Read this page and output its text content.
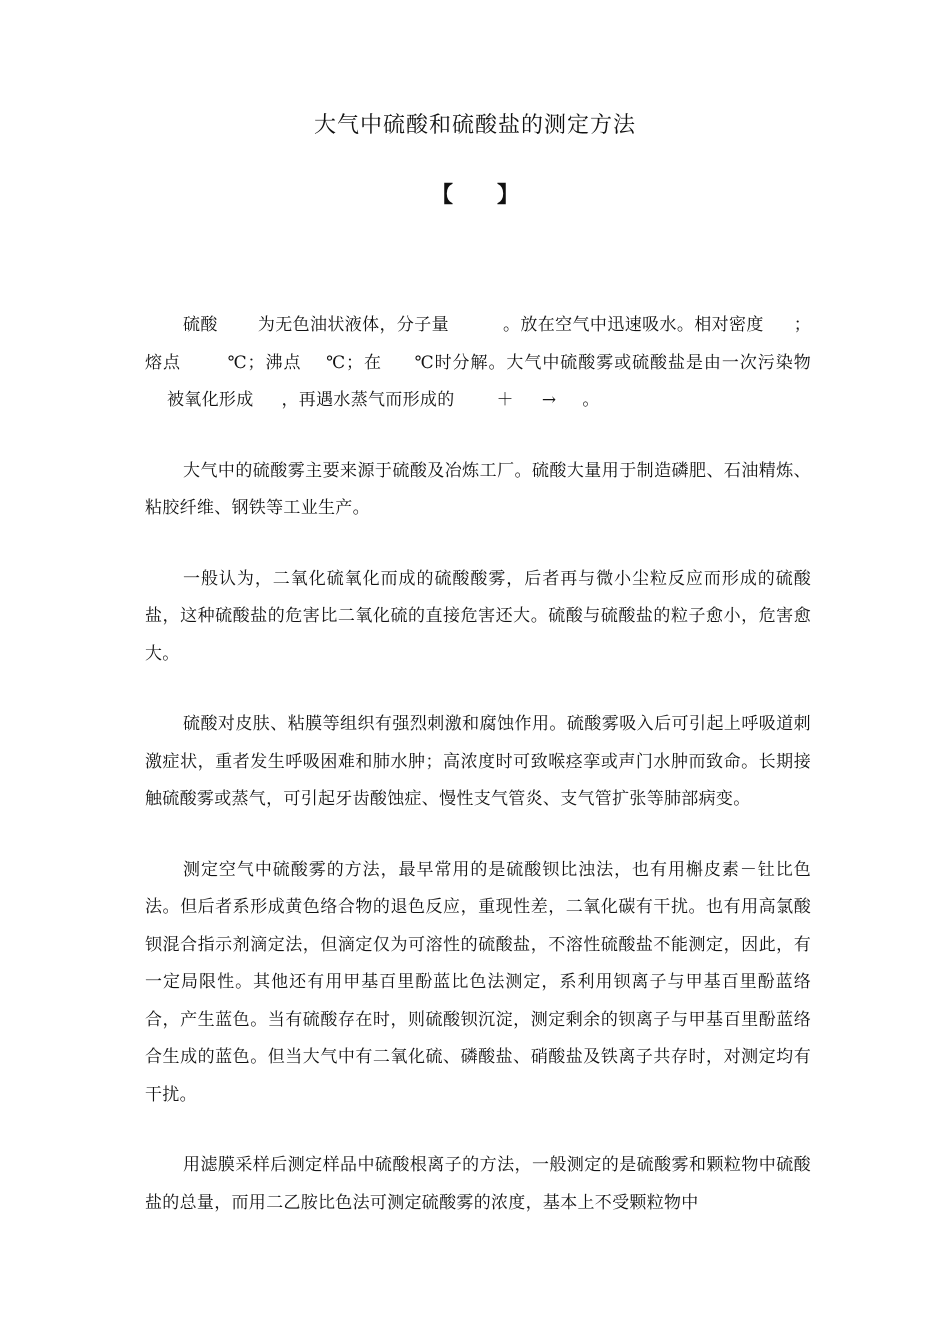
大气中硫酸和硫酸盐的测定方法
【　　】

硫酸 为无色油状液体，分子量	。放在空气中迅速吸水。相对密度 ；熔点	℃；沸点 ℃；在 ℃时分解。大气中硫酸雾或硫酸盐是由一次污染物被氧化形成 ，再遇水蒸气而形成的 ＋ → 。

大气中的硫酸雾主要来源于硫酸及冶炼工厂。硫酸大量用于制造磷肥、石油精炼、粘胶纤维、钢铁等工业生产。

一般认为，二氧化硫氧化而成的硫酸酸雾，后者再与微小尘粒反应而形成的硫酸盐，这种硫酸盐的危害比二氧化硫的直接危害还大。硫酸与硫酸盐的粒子愈小，危害愈大。

硫酸对皮肤、粘膜等组织有强烈刺激和腐蚀作用。硫酸雾吸入后可引起上呼吸道刺激症状，重者发生呼吸困难和肺水肿；高浓度时可致喉痉挛或声门水肿而致命。长期接触硫酸雾或蒸气，可引起牙齿酸蚀症、慢性支气管炎、支气管扩张等肺部病变。

测定空气中硫酸雾的方法，最早常用的是硫酸钡比浊法，也有用槲皮素－钍比色法。但后者系形成黄色络合物的退色反应，重现性差，二氧化碳有干扰。也有用高氯酸钡混合指示剂滴定法，但滴定仅为可溶性的硫酸盐，不溶性硫酸盐不能测定，因此，有一定局限性。其他还有用甲基百里酚蓝比色法测定，系利用钡离子与甲基百里酚蓝络合，产生蓝色。当有硫酸存在时，则硫酸钡沉淀，测定剩余的钡离子与甲基百里酚蓝络合生成的蓝色。但当大气中有二氧化硫、磷酸盐、硝酸盐及铁离子共存时，对测定均有干扰。

用滤膜采样后测定样品中硫酸根离子的方法，一般测定的是硫酸雾和颗粒物中硫酸盐的总量，而用二乙胺比色法可测定硫酸雾的浓度，基本上不受颗粒物中
